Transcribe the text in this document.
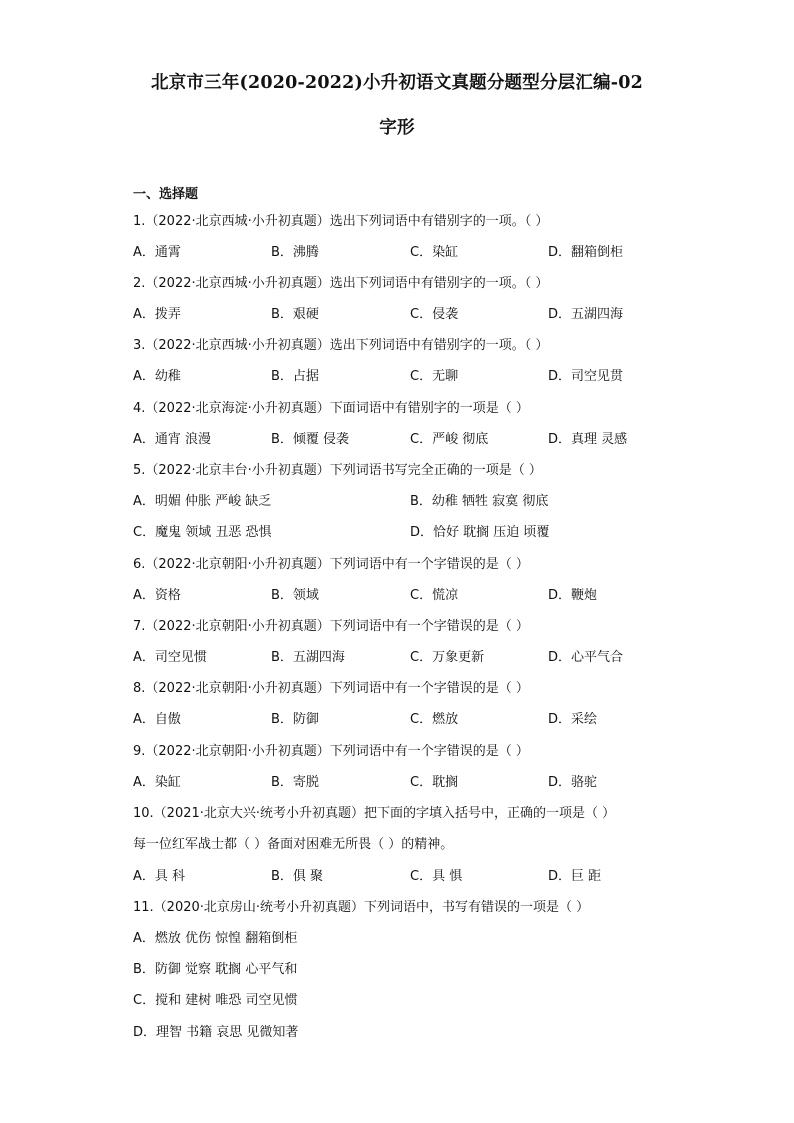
北京市三年(2020-2022)小升初语文真题分题型分层汇编-02
字形
一、选择题
1.（2022·北京西城·小升初真题）选出下列词语中有错别字的一项。（ ）
A．通霄	B．沸腾	C．染缸	D．翻箱倒柜
2.（2022·北京西城·小升初真题）选出下列词语中有错别字的一项。（ ）
A．拨弄	B．艰硬	C．侵袭	D．五湖四海
3.（2022·北京西城·小升初真题）选出下列词语中有错别字的一项。（ ）
A．幼稚	B．占据	C．无聊	D．司空见贯
4.（2022·北京海淀·小升初真题）下面词语中有错别字的一项是（ ）
A．通宵 浪漫	B．倾覆 侵袭	C．严峻 彻底	D．真理 灵感
5.（2022·北京丰台·小升初真题）下列词语书写完全正确的一项是（ ）
A．明媚 仲胀 严峻 缺乏	B．幼稚 牺牲 寂寞 彻底
C．魔鬼 领域 丑恶 恐惧	D．恰好 耽搁 压迫 顷覆
6.（2022·北京朝阳·小升初真题）下列词语中有一个字错误的是（ ）
A．资格	B．领域	C．慌凉	D．鞭炮
7.（2022·北京朝阳·小升初真题）下列词语中有一个字错误的是（ ）
A．司空见惯	B．五湖四海	C．万象更新	D．心平气合
8.（2022·北京朝阳·小升初真题）下列词语中有一个字错误的是（ ）
A．自傲	B．防御	C．燃放	D．采绘
9.（2022·北京朝阳·小升初真题）下列词语中有一个字错误的是（ ）
A．染缸	B．寄脱	C．耽搁	D．骆驼
10.（2021·北京大兴·统考小升初真题）把下面的字填入括号中，正确的一项是（ ）
每一位红军战士都（ ）备面对困难无所畏（ ）的精神。
A．具 科	B．俱 聚	C．具 惧	D．巨 距
11.（2020·北京房山·统考小升初真题）下列词语中，书写有错误的一项是（ ）
A．燃放 优伤 惊惶 翻箱倒柜
B．防御 觉察 耽搁 心平气和
C．搅和 建树 唯恐 司空见惯
D．理智 书籍 哀思 见微知著
